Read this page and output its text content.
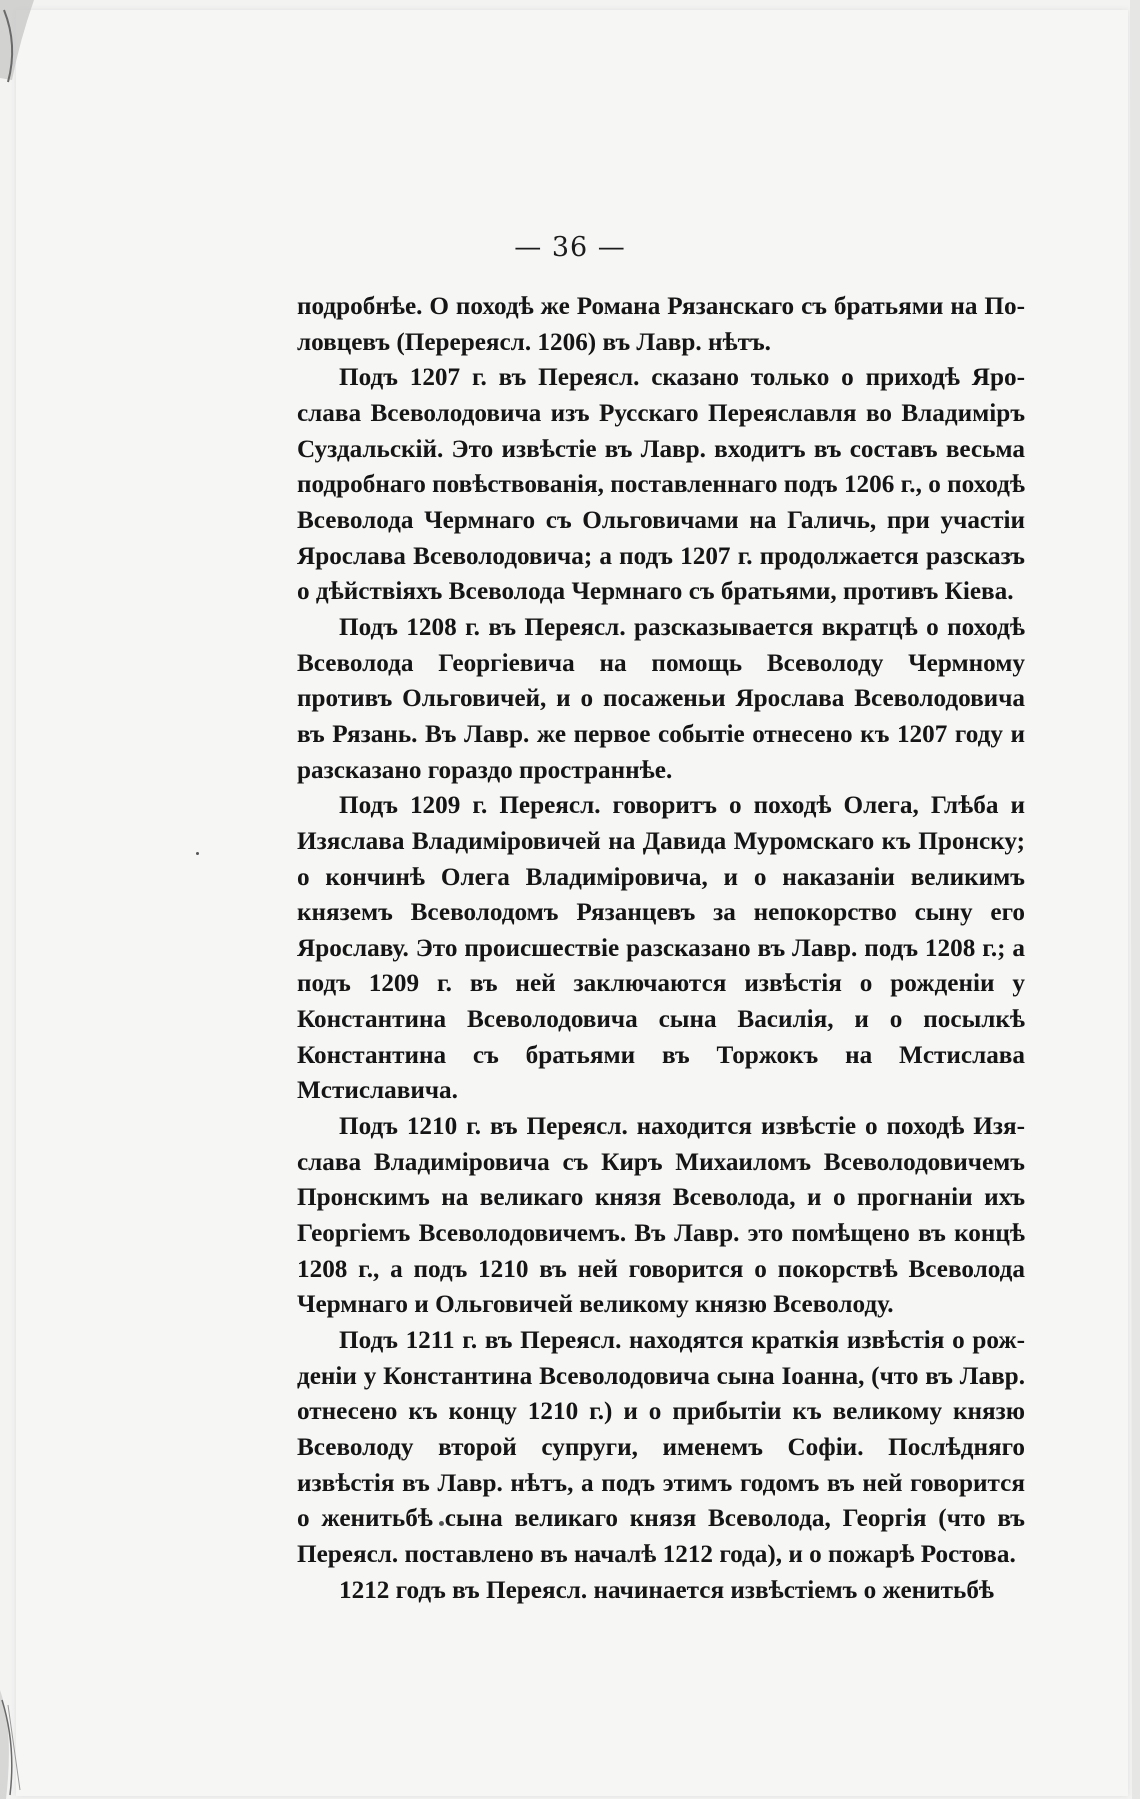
— 36 —

подробнѣе. О походѣ же Романа Рязанскаго съ братьями на Половцевъ (Перереясл. 1206) въ Лавр. нѣтъ.

Подъ 1207 г. въ Переясл. сказано только о приходѣ Ярослава Всеволодовича изъ Русскаго Переяславля во Владиміръ Суздальскій. Это извѣстіе въ Лавр. входитъ въ составъ весьма подробнаго повѣствованія, поставленнаго подъ 1206 г., о походѣ Всеволода Чермнаго съ Ольговичами на Галичь, при участіи Ярослава Всеволодовича; а подъ 1207 г. продолжается разсказъ о дѣйствіяхъ Всеволода Чермнаго съ братьями, противъ Кіева.

Подъ 1208 г. въ Переясл. разсказывается вкратцѣ о походѣ Всеволода Георгіевича на помощь Всеволоду Чермному противъ Ольговичей, и о посаженьи Ярослава Всеволодовича въ Рязань. Въ Лавр. же первое событіе отнесено къ 1207 году и разсказано гораздо пространнѣе.

Подъ 1209 г. Переясл. говоритъ о походѣ Олега, Глѣба и Изяслава Владиміровичей на Давида Муромскаго къ Пронску; о кончинѣ Олега Владиміровича, и о наказаніи великимъ княземъ Всеволодомъ Рязанцевъ за непокорство сыну его Ярославу. Это происшествіе разсказано въ Лавр. подъ 1208 г.; а подъ 1209 г. въ ней заключаются извѣстія о рожденіи у Константина Всеволодовича сына Василія, и о посылкѣ Константина съ братьями въ Торжокъ на Мстислава Мстиславича.

Подъ 1210 г. въ Переясл. находится извѣстіе о походѣ Изяслава Владиміровича съ Киръ Михаиломъ Всеволодовичемъ Пронскимъ на великаго князя Всеволода, и о прогнаніи ихъ Георгіемъ Всеволодовичемъ. Въ Лавр. это помѣщено въ концѣ 1208 г., а подъ 1210 въ ней говорится о покорствѣ Всеволода Чермнаго и Ольговичей великому князю Всеволоду.

Подъ 1211 г. въ Переясл. находятся краткія извѣстія о рожденіи у Константина Всеволодовича сына Іоанна, (что въ Лавр. отнесено къ концу 1210 г.) и о прибытіи къ великому князю Всеволоду второй супруги, именемъ Софіи. Послѣдняго извѣстія въ Лавр. нѣтъ, а подъ этимъ годомъ въ ней говорится о женитьбѣ сына великаго князя Всеволода, Георгія (что въ Переясл. поставлено въ началѣ 1212 года), и о пожарѣ Ростова.

1212 годъ въ Переясл. начинается извѣстіемъ о женитьбѣ
